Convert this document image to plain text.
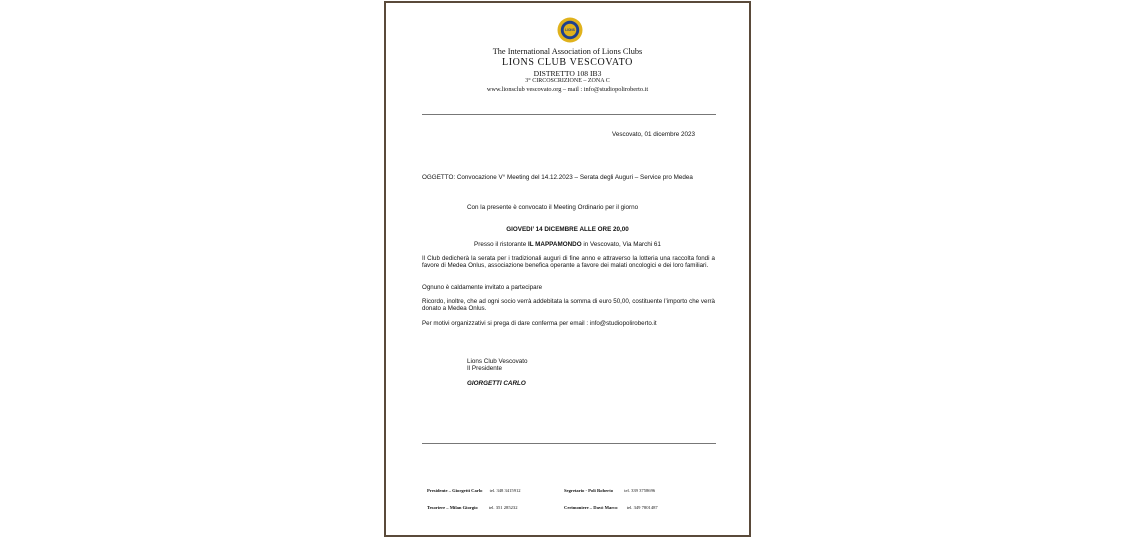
LIONS
The International Association of Lions Clubs
LIONS CLUB VESCOVATO
DISTRETTO 108 IB3
3° CIRCOSCRIZIONE – ZONA C
www.lionsclub vescovato.org – mail : info@studiopoliroberto.it
Vescovato, 01 dicembre 2023
OGGETTO: Convocazione V° Meeting del 14.12.2023 – Serata degli Auguri – Service pro Medea
Con la presente è convocato il Meeting Ordinario per il giorno
GIOVEDI’ 14 DICEMBRE ALLE ORE 20,00
Presso il ristorante IL MAPPAMONDO in Vescovato, Via Marchi 61
Il Club dedicherà la serata per i tradizionali auguri di fine anno e attraverso la lotteria una raccolta fondi a favore di Medea Onlus, associazione benefica operante a favore dei malati oncologici e dei loro familiari.
Ognuno è caldamente invitato a partecipare
Ricordo, inoltre, che ad ogni socio verrà addebitata la somma di euro 50,00, costituente l’importo che verrà donato a Medea Onlus.
Per motivi organizzativi si prega di dare conferma per email : info@studiopoliroberto.it
Lions Club Vescovato
Il Presidente
GIORGETTI CARLO
Presidente – Giorgetti Carlo tel. 348 3415912	Segretario - Poli Roberto tel. 339 3758696
Tesoriere – Milan Giorgio tel. 351 285232	Cerimoniere – Davò Marco tel. 349 7801487
